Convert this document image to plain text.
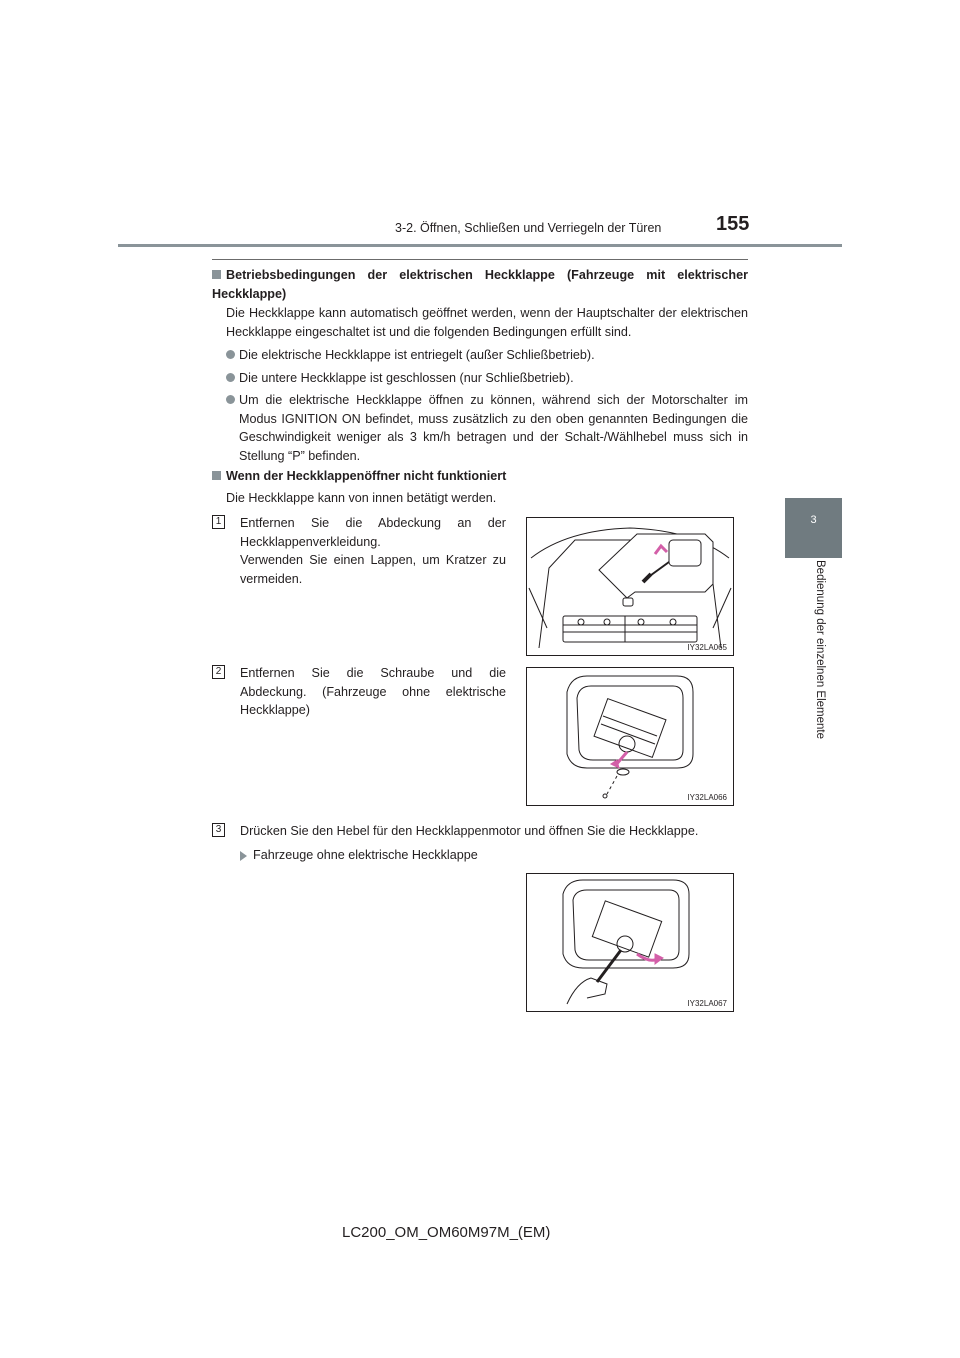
3-2. Öffnen, Schließen und Verriegeln der Türen	155
3
Bedienung der einzelnen Elemente
Betriebsbedingungen der elektrischen Heckklappe (Fahrzeuge mit elektrischer Heckklappe)
Die Heckklappe kann automatisch geöffnet werden, wenn der Hauptschalter der elektrischen Heckklappe eingeschaltet ist und die folgenden Bedingungen erfüllt sind.
Die elektrische Heckklappe ist entriegelt (außer Schließbetrieb).
Die untere Heckklappe ist geschlossen (nur Schließbetrieb).
Um die elektrische Heckklappe öffnen zu können, während sich der Motorschalter im Modus IGNITION ON befindet, muss zusätzlich zu den oben genannten Bedingungen die Geschwindigkeit weniger als 3 km/h betragen und der Schalt-/Wählhebel muss sich in Stellung “P” befinden.
Wenn der Heckklappenöffner nicht funktioniert
Die Heckklappe kann von innen betätigt werden.
1 Entfernen Sie die Abdeckung an der Heckklappenverkleidung.
Verwenden Sie einen Lappen, um Kratzer zu vermeiden.
IY32LA065
2 Entfernen Sie die Schraube und die Abdeckung. (Fahrzeuge ohne elektrische Heckklappe)
IY32LA066
3 Drücken Sie den Hebel für den Heckklappenmotor und öffnen Sie die Heckklappe.
Fahrzeuge ohne elektrische Heckklappe
IY32LA067
LC200_OM_OM60M97M_(EM)
